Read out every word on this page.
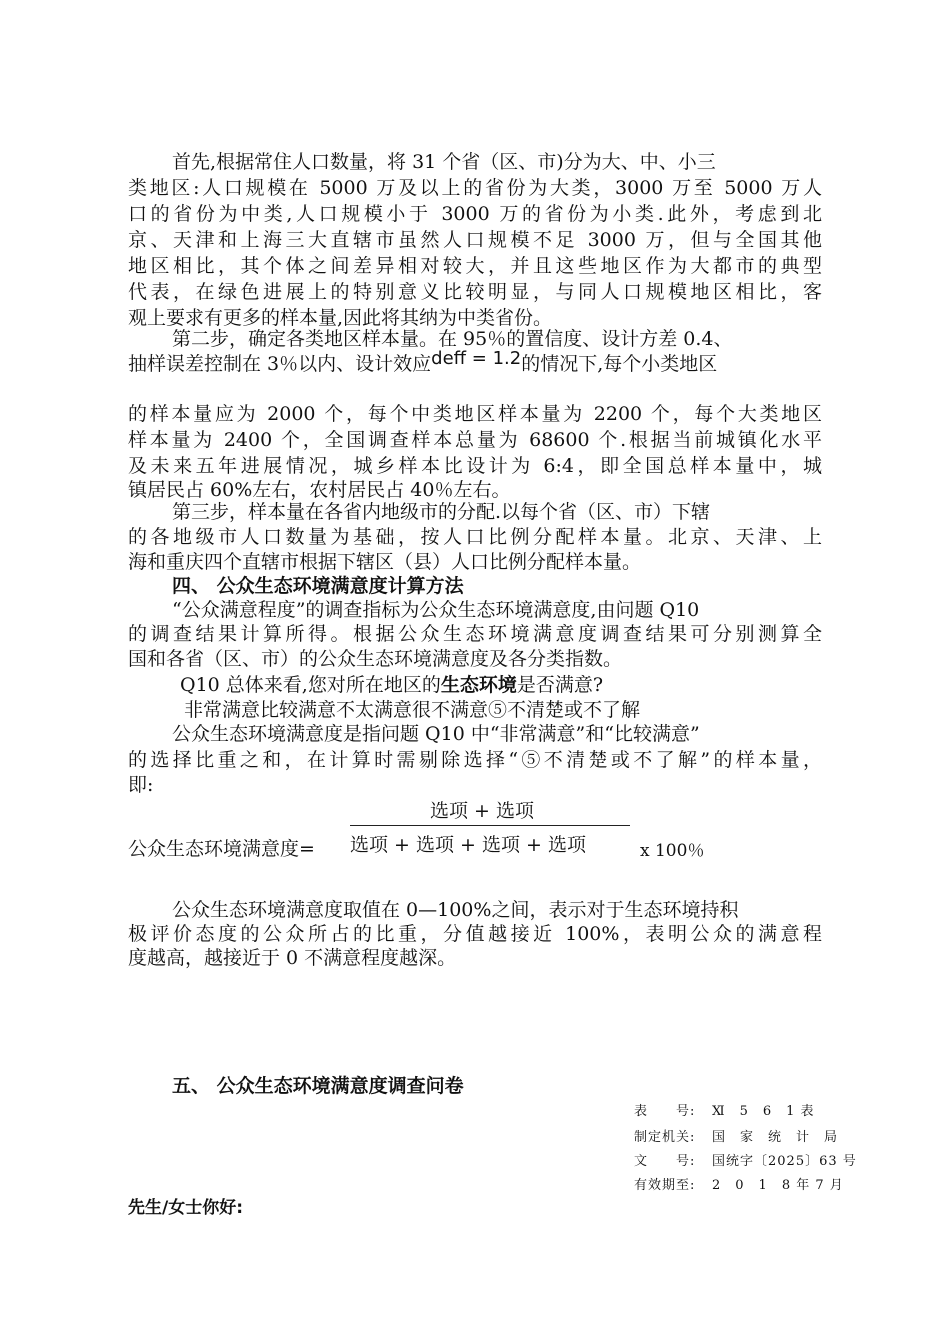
首先,根据常住人口数量，将 31 个省（区、市)分为大、中、小三
类地区:人口规模在 5000 万及以上的省份为大类，3000 万至 5000 万人
口的省份为中类,人口规模小于 3000 万的省份为小类.此外，考虑到北
京、天津和上海三大直辖市虽然人口规模不足 3000 万，但与全国其他
地区相比，其个体之间差异相对较大，并且这些地区作为大都市的典型
代表，在绿色进展上的特别意义比较明显，与同人口规模地区相比，客
观上要求有更多的样本量,因此将其纳为中类省份。
第二步，确定各类地区样本量。在 95％的置信度、设计方差 0.4、
抽样误差控制在 3％以内、设计效应deff = 1.2的情况下,每个小类地区
的样本量应为 2000 个，每个中类地区样本量为 2200 个，每个大类地区
样本量为 2400 个，全国调查样本总量为 68600 个.根据当前城镇化水平
及未来五年进展情况，城乡样本比设计为 6:4，即全国总样本量中，城
镇居民占 60%左右，农村居民占 40％左右。
第三步，样本量在各省内地级市的分配.以每个省（区、市）下辖
的各地级市人口数量为基础，按人口比例分配样本量。北京、天津、上
海和重庆四个直辖市根据下辖区（县）人口比例分配样本量。
四、 公众生态环境满意度计算方法
“公众满意程度”的调查指标为公众生态环境满意度,由问题 Q10
的调查结果计算所得。根据公众生态环境满意度调查结果可分别测算全
国和各省（区、市）的公众生态环境满意度及各分类指数。
Q10 总体来看,您对所在地区的生态环境是否满意?
非常满意比较满意不太满意很不满意⑤不清楚或不了解
公众生态环境满意度是指问题 Q10 中“非常满意”和“比较满意”
的选择比重之和，在计算时需剔除选择“⑤不清楚或不了解”的样本量，
即:
选项 + 选项
公众生态环境满意度= 选项 + 选项 + 选项 + 选项	x 100％
公众生态环境满意度取值在 0—100%之间，表示对于生态环境持积
极评价态度的公众所占的比重，分值越接近 100%，表明公众的满意程
度越高，越接近于 0 不满意程度越深。
五、 公众生态环境满意度调查问卷
表　　号: Ⅺ　5　6　1 表
制定机关: 国　家　统　计　局
文　　号: 国统字〔2025〕63 号
有效期至: 2　0　1　8 年 7 月
先生/女士你好:
